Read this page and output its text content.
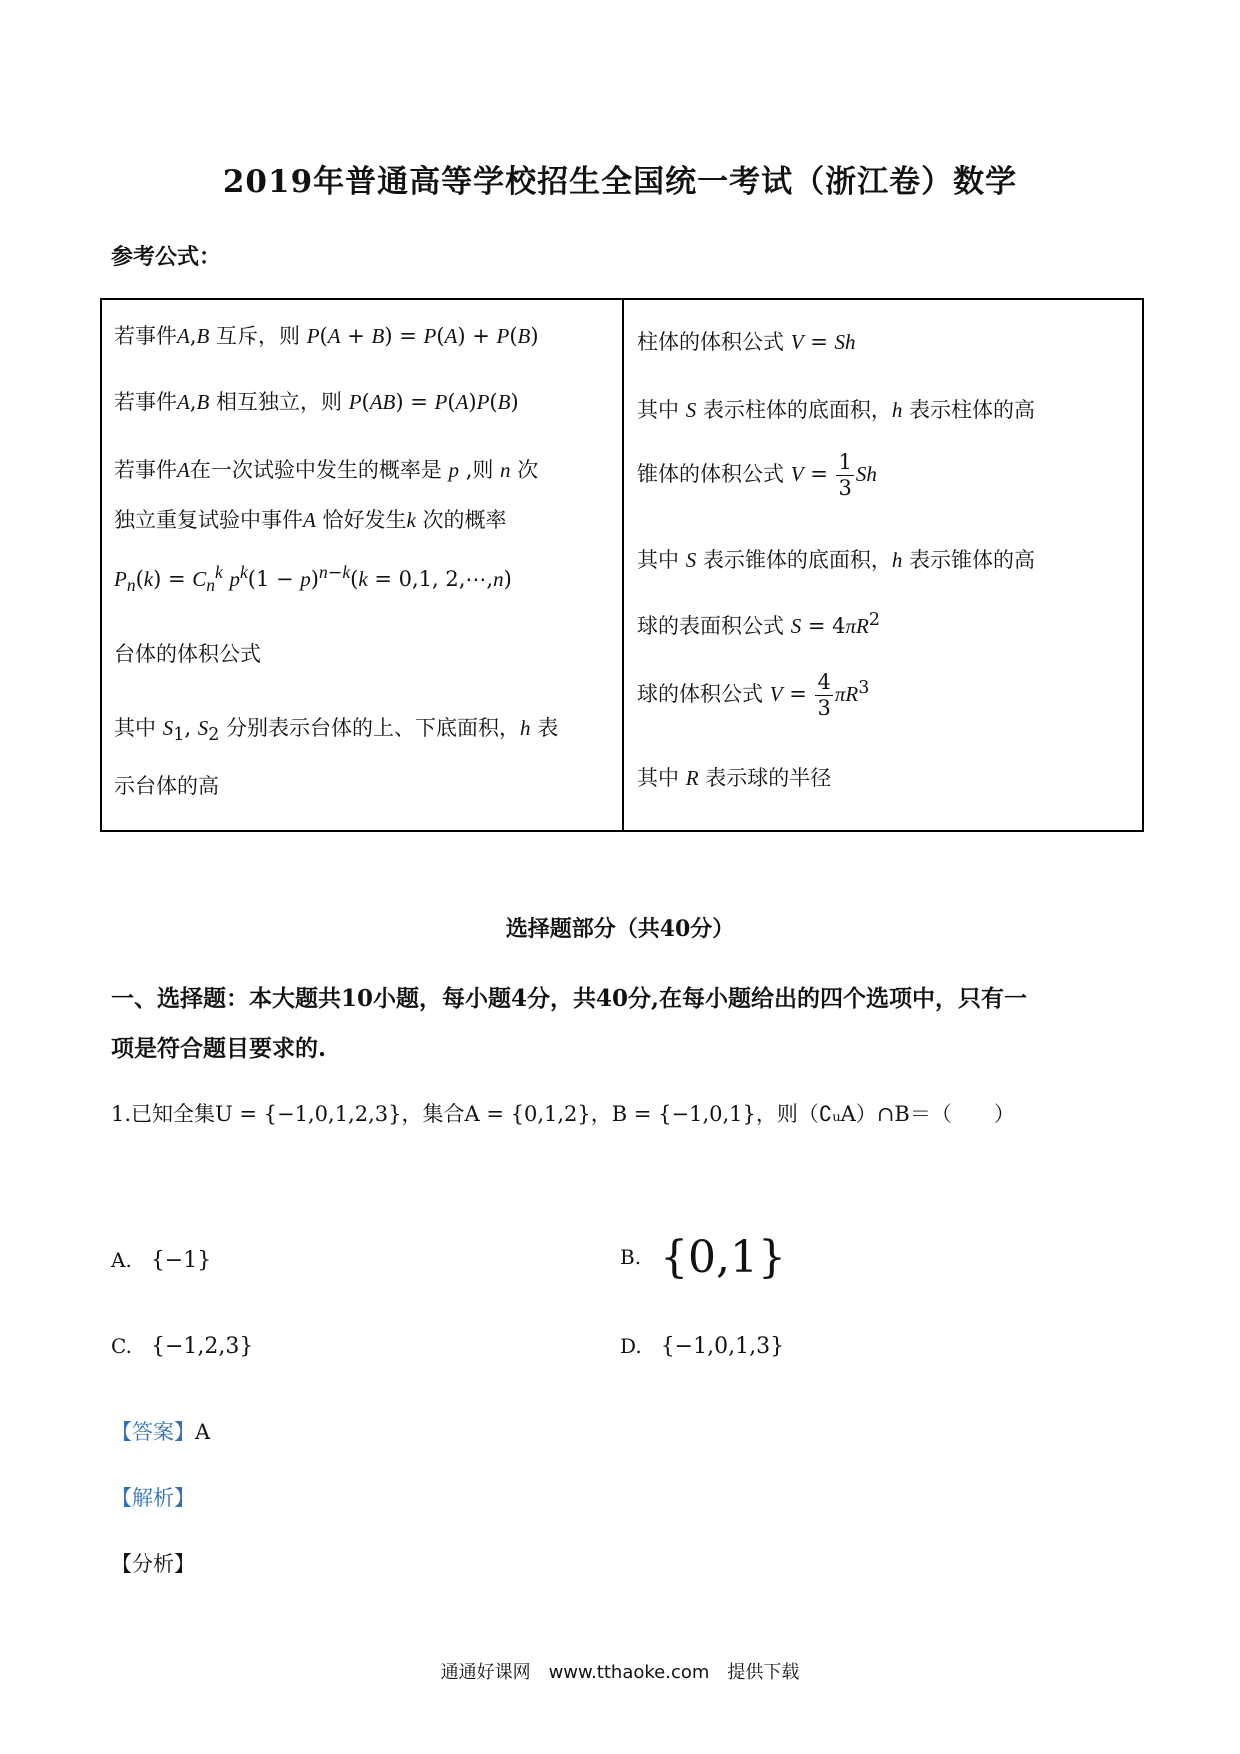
2019年普通高等学校招生全国统一考试（浙江卷）数学
参考公式：
若事件A,B 互斥，则 P(A + B) = P(A) + P(B)
若事件A,B 相互独立，则 P(AB) = P(A)P(B)
若事件A在一次试验中发生的概率是 p ,则 n 次
独立重复试验中事件A 恰好发生k 次的概率
$P_n(k) = C_n^k$ $p^k(1 - p)^{n-k}(k = 0,1$, 2,⋯,n)
台体的体积公式
其中 $S_1$, $S_2$ 分别表示台体的上、下底面积，h 表
示台体的高
柱体的体积公式 V = Sh
其中 S 表示柱体的底面积，h 表示柱体的高
锥体的体积公式 $V = \frac{1}{3}$ Sh
其中 S 表示锥体的底面积，h 表示锥体的高
球的表面积公式 $S = 4\pi R^2$
球的体积公式 $V = \frac{4}{3} \pi R^3$
其中 R 表示球的半径
选择题部分（共40分）
一、选择题：本大题共10小题，每小题4分，共40分,在每小题给出的四个选项中，只有一
项是符合题目要求的.
1.已知全集U = {−1,0,1,2,3}，集合A = {0,1,2}，B = {−1,0,1}，则（∁ᵤA）∩B＝（　　）
A. {−1}	B. {0,1}
C. {−1,2,3}	D. {−1,0,1,3}
【答案】A
【解析】
【分析】
通通好课网　www.tthaoke.com　提供下载
